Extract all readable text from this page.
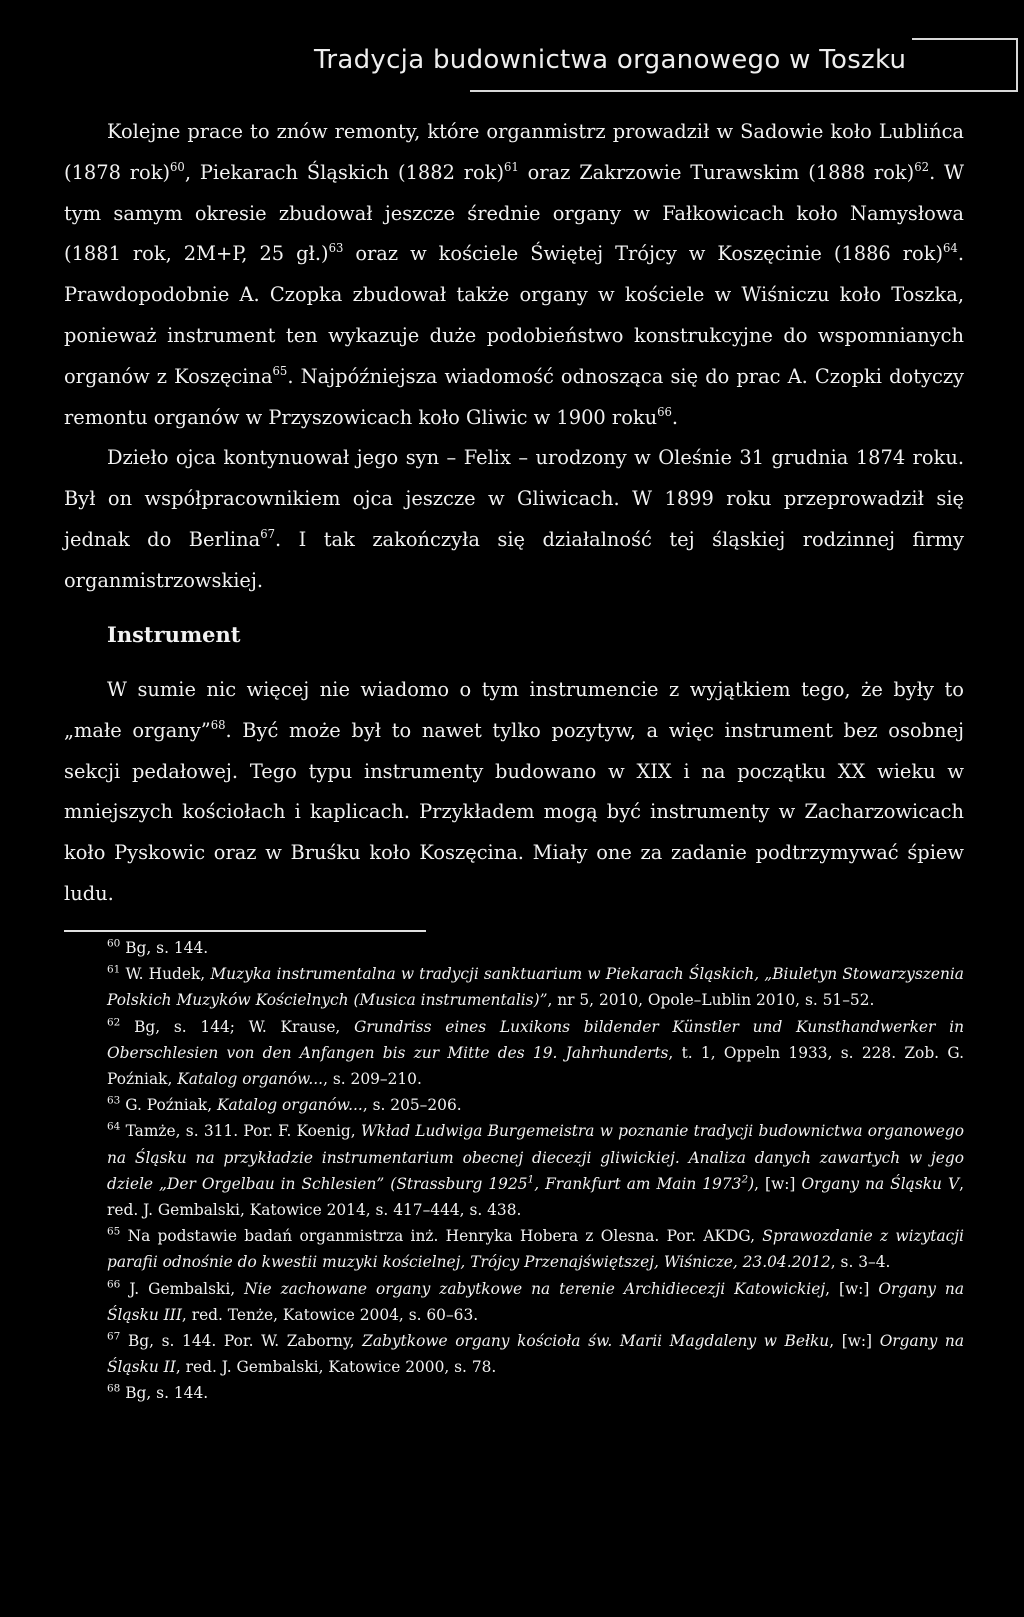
Tradycja budownictwa organowego w Toszku

Kolejne prace to znów remonty, które organmistrz prowadził w Sadowie koło Lublińca (1878 rok)$^{60}$, Piekarach Śląskich (1882 rok)$^{61}$ oraz Zakrzowie Turawskim (1888 rok)$^{62}$. W tym samym okresie zbudował jeszcze średnie organy w Fałkowicach koło Namysłowa (1881 rok, 2M+P, 25 gł.)$^{63}$ oraz w kościele Świętej Trójcy w Koszęcinie (1886 rok)$^{64}$. Prawdopodobnie A. Czopka zbudował także organy w kościele w Wiśniczu koło Toszka, ponieważ instrument ten wykazuje duże podobieństwo konstrukcyjne do wspomnianych organów z Koszęcina$^{65}$. Najpóźniejsza wiadomość odnosząca się do prac A. Czopki dotyczy remontu organów w Przyszowicach koło Gliwic w 1900 roku$^{66}$.

Dzieło ojca kontynuował jego syn – Felix – urodzony w Oleśnie 31 grudnia 1874 roku. Był on współpracownikiem ojca jeszcze w Gliwicach. W 1899 roku przeprowadził się jednak do Berlina$^{67}$. I tak zakończyła się działalność tej śląskiej rodzinnej firmy organmistrzowskiej.

Instrument

W sumie nic więcej nie wiadomo o tym instrumencie z wyjątkiem tego, że były to „małe organy”$^{68}$. Być może był to nawet tylko pozytyw, a więc instrument bez osobnej sekcji pedałowej. Tego typu instrumenty budowano w XIX i na początku XX wieku w mniejszych kościołach i kaplicach. Przykładem mogą być instrumenty w Zacharzowicach koło Pyskowic oraz w Bruśku koło Koszęcina. Miały one za zadanie podtrzymywać śpiew ludu.

$^{60}$ Bg, s. 144.

$^{61}$ W. Hudek, Muzyka instrumentalna w tradycji sanktuarium w Piekarach Śląskich, „Biuletyn Stowarzyszenia Polskich Muzyków Kościelnych (Musica instrumentalis)”, nr 5, 2010, Opole–Lublin 2010, s. 51–52.

$^{62}$ Bg, s. 144; W. Krause, Grundriss eines Luxikons bildender Künstler und Kunsthandwerker in Oberschlesien von den Anfangen bis zur Mitte des 19. Jahrhunderts, t. 1, Oppeln 1933, s. 228. Zob. G. Poźniak, Katalog organów..., s. 209–210.

$^{63}$ G. Poźniak, Katalog organów..., s. 205–206.

$^{64}$ Tamże, s. 311. Por. F. Koenig, Wkład Ludwiga Burgemeistra w poznanie tradycji budownictwa organowego na Śląsku na przykładzie instrumentarium obecnej diecezji gliwickiej. Analiza danych zawartych w jego dziele „Der Orgelbau in Schlesien” (Strassburg 1925$^1$, Frankfurt am Main 1973$^2$), [w:] Organy na Śląsku V, red. J. Gembalski, Katowice 2014, s. 417–444, s. 438.

$^{65}$ Na podstawie badań organmistrza inż. Henryka Hobera z Olesna. Por. AKDG, Sprawozdanie z wizytacji parafii odnośnie do kwestii muzyki kościelnej, Trójcy Przenajświętszej, Wiśnicze, 23.04.2012, s. 3–4.

$^{66}$ J. Gembalski, Nie zachowane organy zabytkowe na terenie Archidiecezji Katowickiej, [w:] Organy na Śląsku III, red. Tenże, Katowice 2004, s. 60–63.

$^{67}$ Bg, s. 144. Por. W. Zaborny, Zabytkowe organy kościoła św. Marii Magdaleny w Bełku, [w:] Organy na Śląsku II, red. J. Gembalski, Katowice 2000, s. 78.

$^{68}$ Bg, s. 144.
